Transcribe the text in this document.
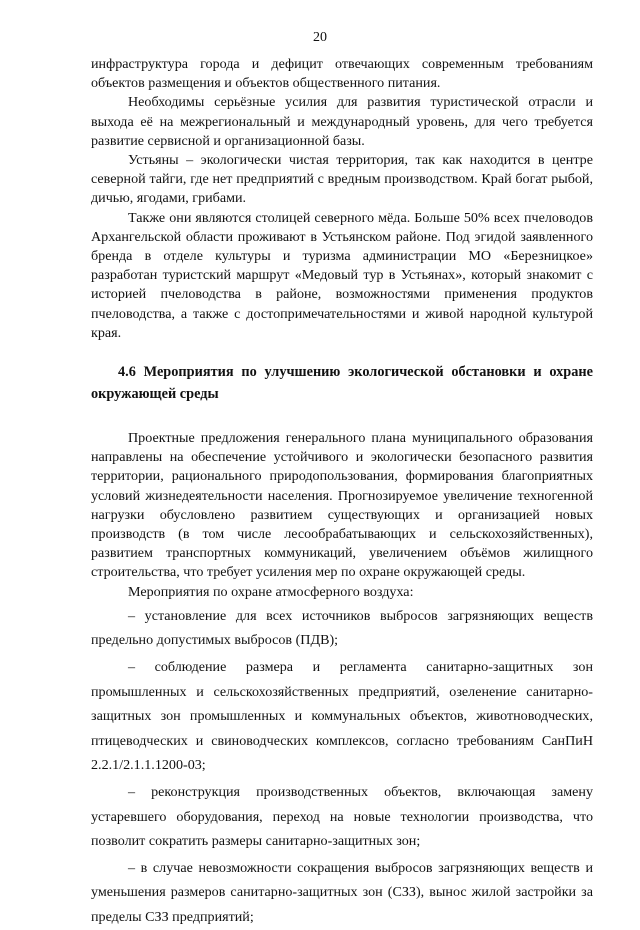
20

инфраструктура города и дефицит отвечающих современным требованиям объектов размещения и объектов общественного питания.

Необходимы серьёзные усилия для развития туристической отрасли и выхода её на межрегиональный и международный уровень, для чего требуется развитие сервисной и организационной базы.

Устьяны – экологически чистая территория, так как находится в центре северной тайги, где нет предприятий с вредным производством. Край богат рыбой, дичью, ягодами, грибами.

Также они являются столицей северного мёда. Больше 50% всех пчеловодов Архангельской области проживают в Устьянском районе. Под эгидой заявленного бренда в отделе культуры и туризма администрации МО «Березницкое» разработан туристский маршрут «Медовый тур в Устьянах», который знакомит с историей пчеловодства в районе, возможностями применения продуктов пчеловодства, а также с достопримечательностями и живой народной культурой края.

4.6 Мероприятия по улучшению экологической обстановки и охране окружающей среды

Проектные предложения генерального плана муниципального образования направлены на обеспечение устойчивого и экологически безопасного развития территории, рационального природопользования, формирования благоприятных условий жизнедеятельности населения. Прогнозируемое увеличение техногенной нагрузки обусловлено развитием существующих и организацией новых производств (в том числе лесообрабатывающих и сельскохозяйственных), развитием транспортных коммуникаций, увеличением объёмов жилищного строительства, что требует усиления мер по охране окружающей среды.

Мероприятия по охране атмосферного воздуха:

– установление для всех источников выбросов загрязняющих веществ предельно допустимых выбросов (ПДВ);

– соблюдение размера и регламента санитарно-защитных зон промышленных и сельскохозяйственных предприятий, озеленение санитарно-защитных зон промышленных и коммунальных объектов, животноводческих, птицеводческих и свиноводческих комплексов, согласно требованиям СанПиН 2.2.1/2.1.1.1200-03;

– реконструкция производственных объектов, включающая замену устаревшего оборудования, переход на новые технологии производства, что позволит сократить размеры санитарно-защитных зон;

– в случае невозможности сокращения выбросов загрязняющих веществ и уменьшения размеров санитарно-защитных зон (СЗЗ), вынос жилой застройки за пределы СЗЗ предприятий;
